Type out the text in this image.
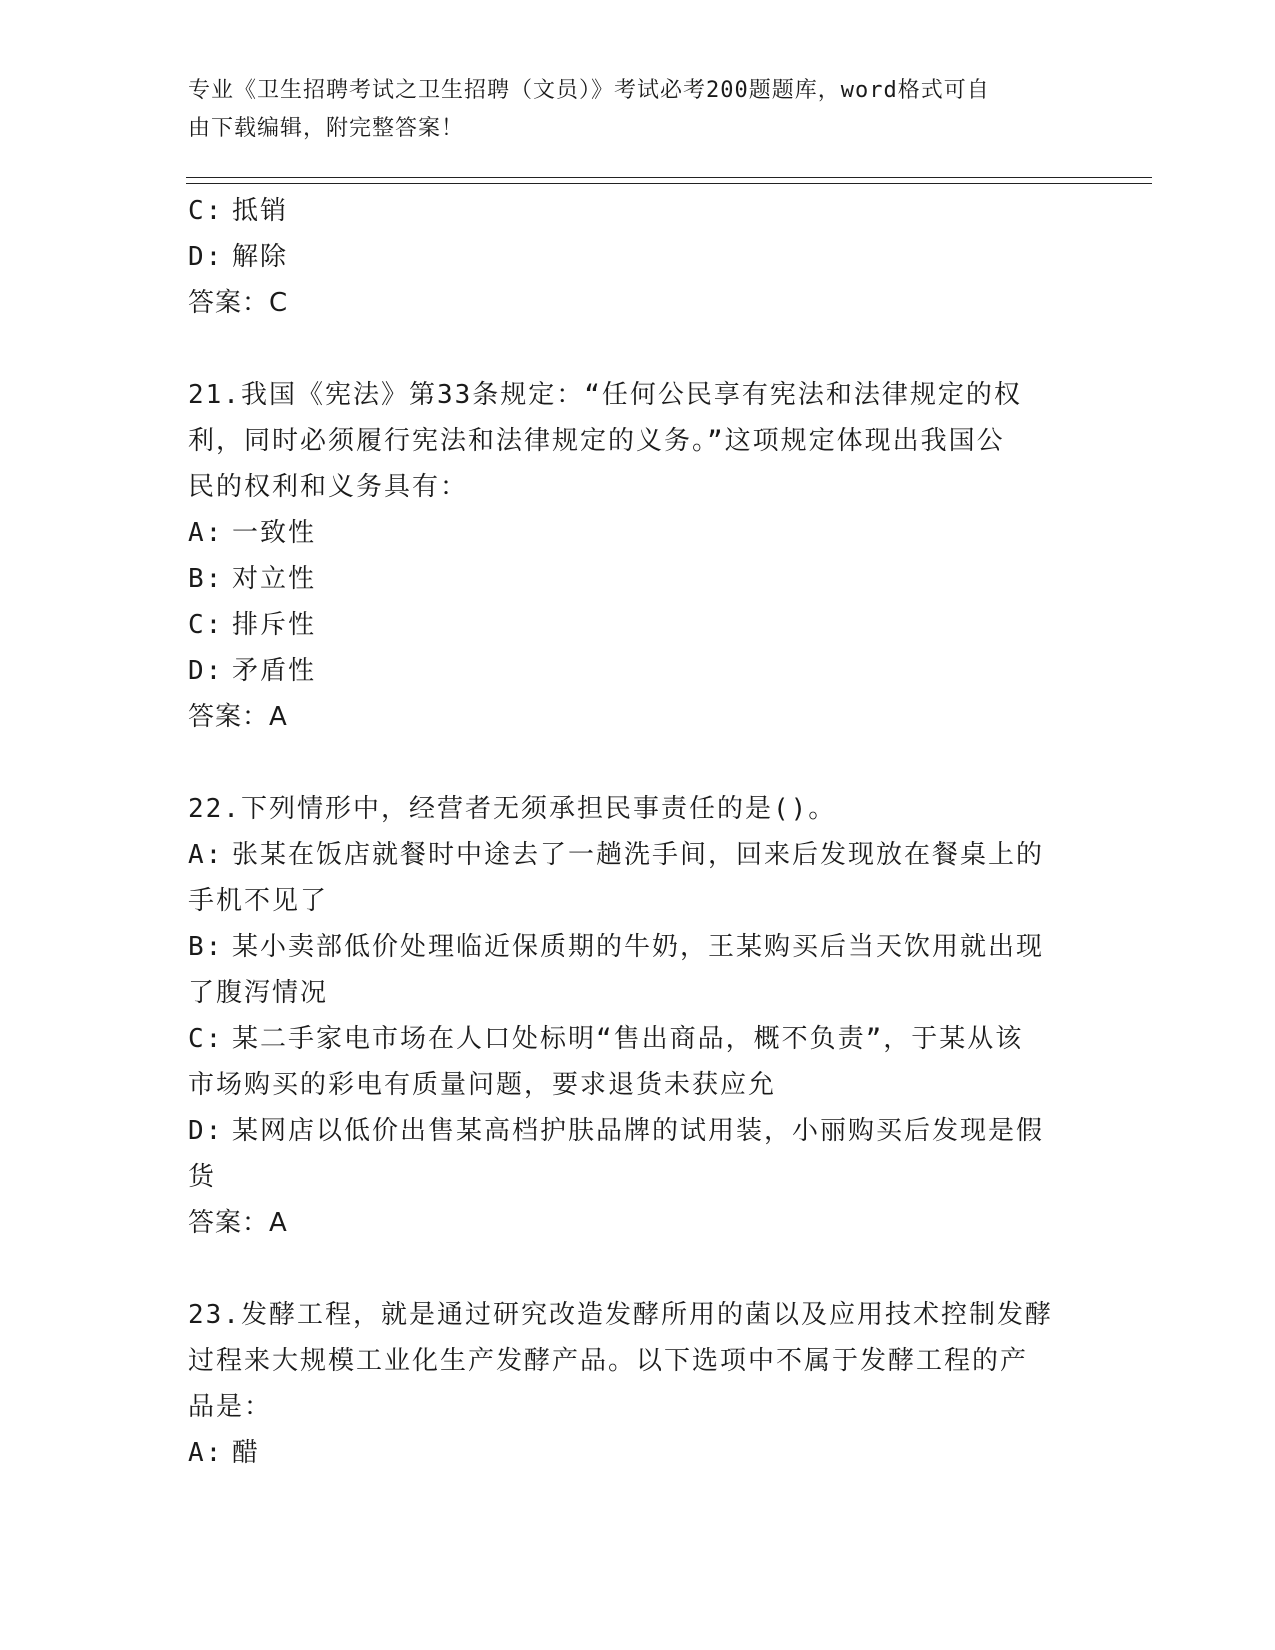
专业《卫生招聘考试之卫生招聘（文员）》考试必考200题题库，word格式可自
由下载编辑，附完整答案！
C: 抵销
D: 解除
答案：C
21.我国《宪法》第33条规定：“任何公民享有宪法和法律规定的权
利，同时必须履行宪法和法律规定的义务。”这项规定体现出我国公
民的权利和义务具有：
A: 一致性
B: 对立性
C: 排斥性
D: 矛盾性
答案：A
22.下列情形中，经营者无须承担民事责任的是()。
A: 张某在饭店就餐时中途去了一趟洗手间，回来后发现放在餐桌上的
手机不见了
B: 某小卖部低价处理临近保质期的牛奶，王某购买后当天饮用就出现
了腹泻情况
C: 某二手家电市场在人口处标明“售出商品，概不负责”，于某从该
市场购买的彩电有质量问题，要求退货未获应允
D: 某网店以低价出售某高档护肤品牌的试用装，小丽购买后发现是假
货
答案：A
23.发酵工程，就是通过研究改造发酵所用的菌以及应用技术控制发酵
过程来大规模工业化生产发酵产品。以下选项中不属于发酵工程的产
品是：
A: 醋
